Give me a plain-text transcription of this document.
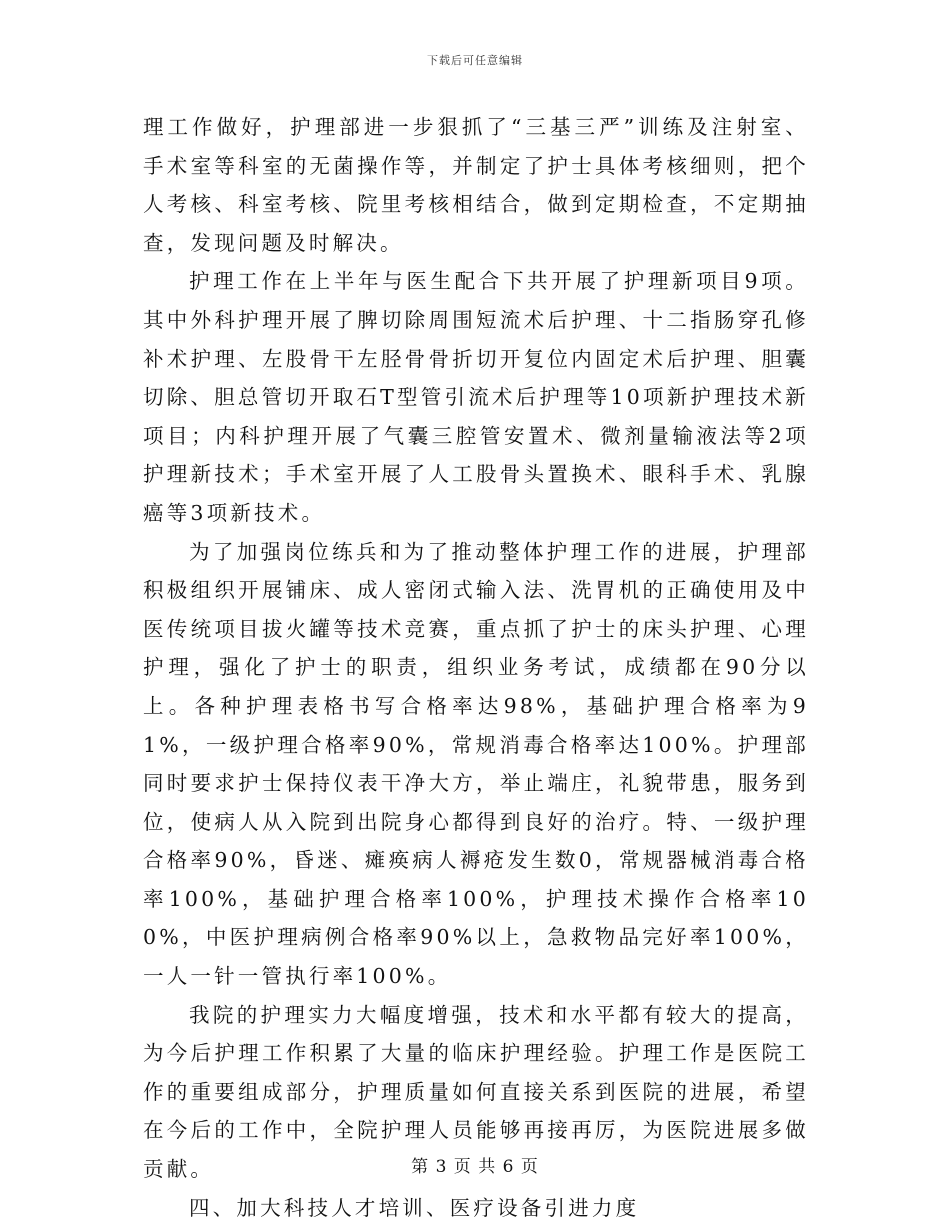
下载后可任意编辑

理工作做好，护理部进一步狠抓了“三基三严”训练及注射室、手术室等科室的无菌操作等，并制定了护士具体考核细则，把个人考核、科室考核、院里考核相结合，做到定期检查，不定期抽查，发现问题及时解决。

护理工作在上半年与医生配合下共开展了护理新项目9项。其中外科护理开展了脾切除周围短流术后护理、十二指肠穿孔修补术护理、左股骨干左胫骨骨折切开复位内固定术后护理、胆囊切除、胆总管切开取石T型管引流术后护理等10项新护理技术新项目；内科护理开展了气囊三腔管安置术、微剂量输液法等2项护理新技术；手术室开展了人工股骨头置换术、眼科手术、乳腺癌等3项新技术。

为了加强岗位练兵和为了推动整体护理工作的进展，护理部积极组织开展铺床、成人密闭式输入法、洗胃机的正确使用及中医传统项目拔火罐等技术竞赛，重点抓了护士的床头护理、心理护理，强化了护士的职责，组织业务考试，成绩都在90分以上。各种护理表格书写合格率达98%，基础护理合格率为91%，一级护理合格率90%，常规消毒合格率达100%。护理部同时要求护士保持仪表干净大方，举止端庄，礼貌带患，服务到位，使病人从入院到出院身心都得到良好的治疗。特、一级护理合格率90%，昏迷、瘫痪病人褥疮发生数0，常规器械消毒合格率100%，基础护理合格率100%，护理技术操作合格率100%，中医护理病例合格率90%以上，急救物品完好率100%，一人一针一管执行率100%。

我院的护理实力大幅度增强，技术和水平都有较大的提高，为今后护理工作积累了大量的临床护理经验。护理工作是医院工作的重要组成部分，护理质量如何直接关系到医院的进展，希望在今后的工作中，全院护理人员能够再接再厉，为医院进展多做贡献。

四、加大科技人才培训、医疗设备引进力度

第 3 页 共 6 页
